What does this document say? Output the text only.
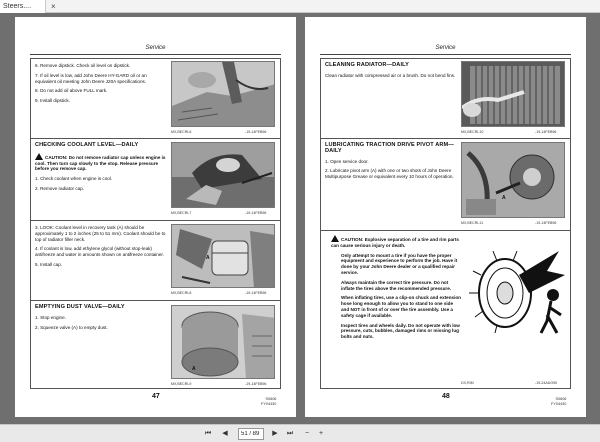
Steers....	×
Service

6. Remove dipstick. Check oil level on dipstick.

7. If oil level is low, add John Deere HY-GARD oil or an equivalent oil meeting John Deere J20A specifications.

8. Do not add oil above FULL mark.

9. Install dipstick.

MX,BECRL6	-19-14FEB96
CHECKING COOLANT LEVEL—DAILY

CAUTION: Do not remove radiator cap unless engine is cool. Then turn cap slowly to the stop. Release pressure before you remove cap.

1. Check coolant when engine is cool.

2. Remove radiator cap.

MX,BECRL7	-19-14FEB96

3. LOOK: Coolant level in recovery tank (A) should be approximately 1 to 2 inches (25 to 51 mm). Coolant should be to top of radiator filler neck.

4. If coolant is low, add ethylene glycol (without stop-leak) antifreeze and water in amounts shown on antifreeze container.

5. Install cap.

A
MX,BECRL8	-19-14FEB96
EMPTYING DUST VALVE—DAILY

1. Stop engine.

2. Squeeze valve (A) to empty dust.

A
MX,BECRL9	-19-14FEB96
47	S0606
FY04430
Service
CLEANING RADIATOR—DAILY

Clean radiator with compressed air or a brush. Do not bend fins.

MX,BECRL10	-19-14FEB96
LUBRICATING TRACTION DRIVE PIVOT ARM—DAILY

1. Open service door.

2. Lubricate pivot arm (A) with one or two shots of John Deere Multipurpose Grease or equivalent every 10 hours of operation.

A
MX,BECRL11	-19-14FEB96

CAUTION: Explosive separation of a tire and rim parts can cause serious injury or death.

Only attempt to mount a tire if you have the proper equipment and experience to perform the job. Have it done by your John Deere dealer or a qualified repair service.

Always maintain the correct tire pressure. Do not inflate the tires above the recommended pressure.

When inflating tires, use a clip-on chuck and extension hose long enough to allow you to stand to one side and NOT in front of or over the tire assembly. Use a safety cage if available.

Inspect tires and wheels daily. Do not operate with low pressure, cuts, bubbles, damaged rims or missing lug bolts and nuts.

DX,RIM	-19-24AUG90
48	S0606
FY04430
⏮	◀
51 / 89	▶	⏭	−	+
